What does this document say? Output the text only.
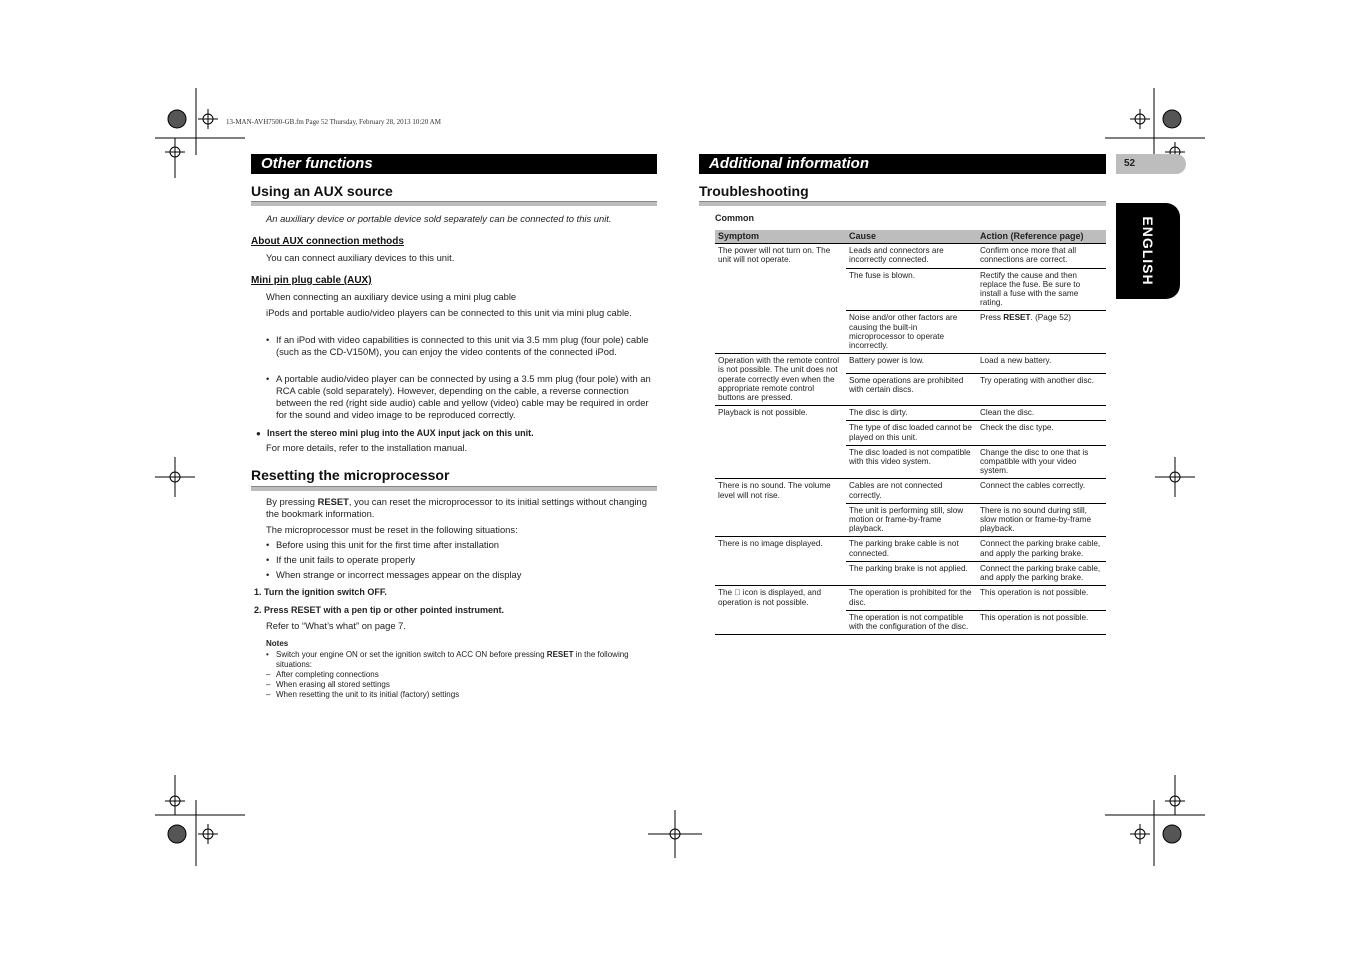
13-MAN-AVH7500-GB.fm Page 52 Thursday, February 28, 2013 10:20 AM
Other functions
Using an AUX source
An auxiliary device or portable device sold separately can be connected to this unit.
About AUX connection methods
You can connect auxiliary devices to this unit.
Mini pin plug cable (AUX)
When connecting an auxiliary device using a mini plug cable
iPods and portable audio/video players can be connected to this unit via mini plug cable.
• If an iPod with video capabilities is connected to this unit via 3.5 mm plug (four pole) cable (such as the CD-V150M), you can enjoy the video contents of the connected iPod.
• A portable audio/video player can be connected by using a 3.5 mm plug (four pole) with an RCA cable (sold separately). However, depending on the cable, a reverse connection between the red (right side audio) cable and yellow (video) cable may be required in order for the sound and video image to be reproduced correctly.
● Insert the stereo mini plug into the AUX input jack on this unit.
For more details, refer to the installation manual.
Resetting the microprocessor
By pressing RESET, you can reset the microprocessor to its initial settings without changing the bookmark information.
The microprocessor must be reset in the following situations:
• Before using this unit for the first time after installation
• If the unit fails to operate properly
• When strange or incorrect messages appear on the display
1. Turn the ignition switch OFF.
2. Press RESET with a pen tip or other pointed instrument.
Refer to “What’s what” on page 7.
Notes
• Switch your engine ON or set the ignition switch to ACC ON before pressing RESET in the following situations:
– After completing connections
– When erasing all stored settings
– When resetting the unit to its initial (factory) settings
Additional information	52
Troubleshooting
Common
Symptom	Cause	Action (Reference page)
The power will not turn on. The unit will not operate.	Leads and connectors are incorrectly connected.	Confirm once more that all connections are correct.
	The fuse is blown.	Rectify the cause and then replace the fuse. Be sure to install a fuse with the same rating.
	Noise and/or other factors are causing the built-in microprocessor to operate incorrectly.	Press RESET. (Page 52)
Operation with the remote control is not possible. The unit does not operate correctly even when the appropriate remote control buttons are pressed.	Battery power is low.	Load a new battery.
	Some operations are prohibited with certain discs.	Try operating with another disc.
Playback is not possible.	The disc is dirty.	Clean the disc.
	The type of disc loaded cannot be played on this unit.	Check the disc type.
	The disc loaded is not compatible with this video system.	Change the disc to one that is compatible with your video system.
There is no sound. The volume level will not rise.	Cables are not connected correctly.	Connect the cables correctly.
	The unit is performing still, slow motion or frame-by-frame playback.	There is no sound during still, slow motion or frame-by-frame playback.
There is no image displayed.	The parking brake cable is not connected.	Connect the parking brake cable, and apply the parking brake.
	The parking brake is not applied.	Connect the parking brake cable, and apply the parking brake.
The ⃠ icon is displayed, and operation is not possible.	The operation is prohibited for the disc.	This operation is not possible.
	The operation is not compatible with the configuration of the disc.	This operation is not possible.
ENGLISH
